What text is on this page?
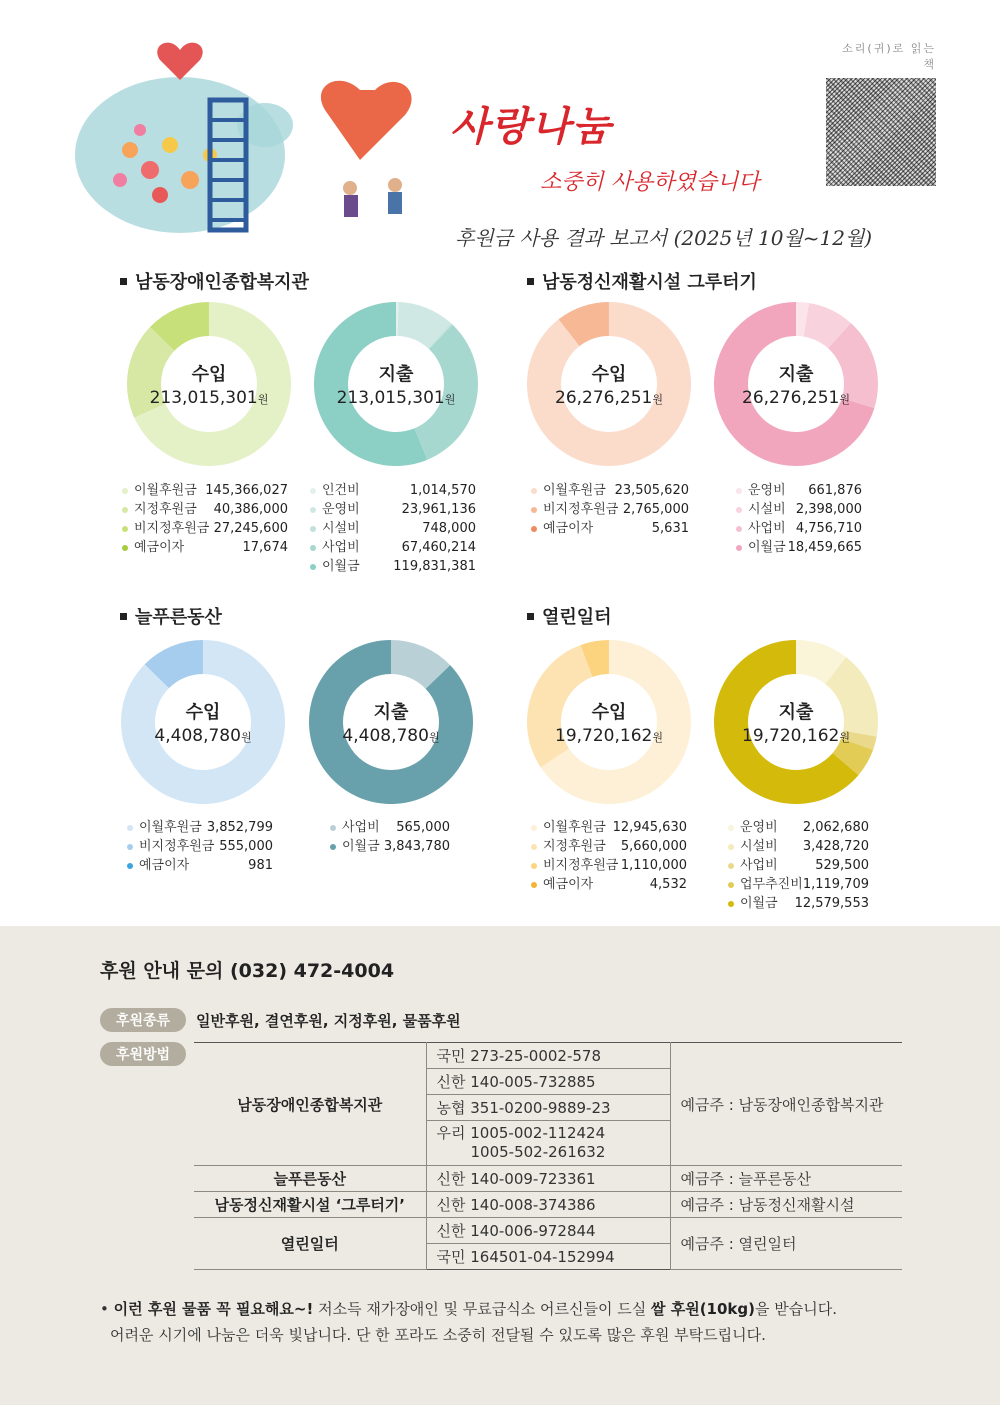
사랑나눔
소중히 사용하였습니다
후원금 사용 결과 보고서 (2025년 10월~12월)
소리(귀)로 읽는 책
남동장애인종합복지관
수입
213,015,301원
지출
213,015,301원
이월후원금 145,366,027
지정후원금 40,386,000
비지정후원금 27,245,600
예금이자	17,674
인건비	1,014,570
운영비	23,961,136
시설비	748,000
사업비	67,460,214
이월금	119,831,381
남동정신재활시설 그루터기
수입
26,276,251원
지출
26,276,251원
이월후원금 23,505,620
비지정후원금 2,765,000
예금이자	5,631
운영비 661,876
시설비 2,398,000
사업비 4,756,710
이월금 18,459,665
늘푸른동산
수입
4,408,780원
지출
4,408,780원
이월후원금 3,852,799
비지정후원금 555,000
예금이자	981
사업비 565,000
이월금 3,843,780
열린일터
수입
19,720,162원
지출
19,720,162원
이월후원금 12,945,630
지정후원금 5,660,000
비지정후원금 1,110,000
예금이자	4,532
운영비 2,062,680
시설비 3,428,720
사업비	529,500
업무추진비 1,119,709
이월금 12,579,553
후원 안내 문의 (032) 472-4004
후원종류	일반후원, 결연후원, 지정후원, 물품후원
후원방법
남동장애인종합복지관	국민 273-25-0002-578	예금주 : 남동장애인종합복지관
	신한 140-005-732885	
	농협 351-0200-9889-23	

	우리 1005-002-112424
1005-502-261632	

늘푸른동산	신한 140-009-723361	예금주 : 늘푸른동산
남동정신재활시설 ‘그루터기’	신한 140-008-374386	예금주 : 남동정신재활시설
열린일터	신한 140-006-972844	예금주 : 열린일터
	국민 164501-04-152994	
• 이런 후원 물품 꼭 필요해요~! 저소득 재가장애인 및 무료급식소 어르신들이 드실 쌀 후원(10kg)을 받습니다.
어려운 시기에 나눔은 더욱 빛납니다. 단 한 포라도 소중히 전달될 수 있도록 많은 후원 부탁드립니다.
